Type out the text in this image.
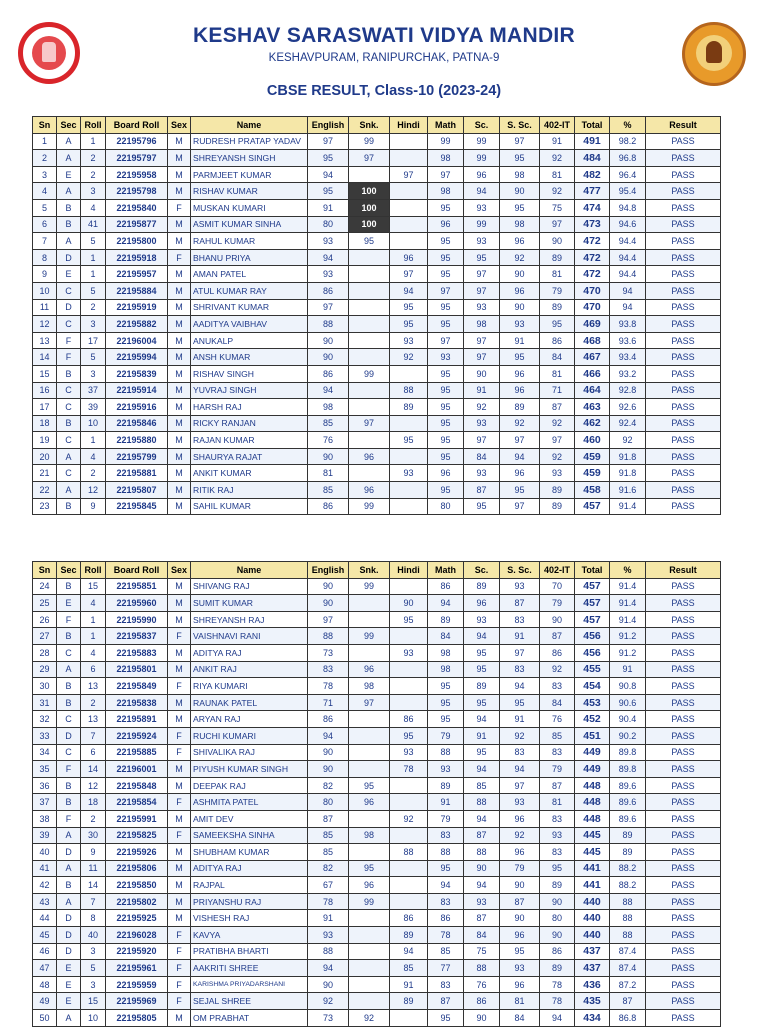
KESHAV SARASWATI VIDYA MANDIR
KESHAVPURAM, RANIPURCHAK, PATNA-9
CBSE RESULT, Class-10 (2023-24)
Sn	Sec	Roll	Board Roll	Sex	Name	English	Snk.	Hindi	Math	Sc.	S. Sc.	402-IT	Total	%	Result
1	A	1	22195796	M	RUDRESH PRATAP YADAV	97	99		99	99	97	91	491	98.2	PASS
2	A	2	22195797	M	SHREYANSH SINGH	95	97		98	99	95	92	484	96.8	PASS
3	E	2	22195958	M	PARMJEET KUMAR	94		97	97	96	98	81	482	96.4	PASS
4	A	3	22195798	M	RISHAV KUMAR	95	100		98	94	90	92	477	95.4	PASS
5	B	4	22195840	F	MUSKAN KUMARI	91	100		95	93	95	75	474	94.8	PASS
6	B	41	22195877	M	ASMIT KUMAR SINHA	80	100		96	99	98	97	473	94.6	PASS
7	A	5	22195800	M	RAHUL KUMAR	93	95		95	93	96	90	472	94.4	PASS
8	D	1	22195918	F	BHANU PRIYA	94		96	95	95	92	89	472	94.4	PASS
9	E	1	22195957	M	AMAN PATEL	93		97	95	97	90	81	472	94.4	PASS
10	C	5	22195884	M	ATUL KUMAR RAY	86		94	97	97	96	79	470	94	PASS
11	D	2	22195919	M	SHRIVANT KUMAR	97		95	95	93	90	89	470	94	PASS
12	C	3	22195882	M	AADITYA VAIBHAV	88		95	95	98	93	95	469	93.8	PASS
13	F	17	22196004	M	ANUKALP	90		93	97	97	91	86	468	93.6	PASS
14	F	5	22195994	M	ANSH KUMAR	90		92	93	97	95	84	467	93.4	PASS
15	B	3	22195839	M	RISHAV SINGH	86	99		95	90	96	81	466	93.2	PASS
16	C	37	22195914	M	YUVRAJ SINGH	94		88	95	91	96	71	464	92.8	PASS
17	C	39	22195916	M	HARSH RAJ	98		89	95	92	89	87	463	92.6	PASS
18	B	10	22195846	M	RICKY RANJAN	85	97		95	93	92	92	462	92.4	PASS
19	C	1	22195880	M	RAJAN KUMAR	76		95	95	97	97	97	460	92	PASS
20	A	4	22195799	M	SHAURYA RAJAT	90	96		95	84	94	92	459	91.8	PASS
21	C	2	22195881	M	ANKIT KUMAR	81		93	96	93	96	93	459	91.8	PASS
22	A	12	22195807	M	RITIK RAJ	85	96		95	87	95	89	458	91.6	PASS
23	B	9	22195845	M	SAHIL KUMAR	86	99		80	95	97	89	457	91.4	PASS
Sn	Sec	Roll	Board Roll	Sex	Name	English	Snk.	Hindi	Math	Sc.	S. Sc.	402-IT	Total	%	Result
24	B	15	22195851	M	SHIVANG RAJ	90	99		86	89	93	70	457	91.4	PASS
25	E	4	22195960	M	SUMIT KUMAR	90		90	94	96	87	79	457	91.4	PASS
26	F	1	22195990	M	SHREYANSH RAJ	97		95	89	93	83	90	457	91.4	PASS
27	B	1	22195837	F	VAISHNAVI RANI	88	99		84	94	91	87	456	91.2	PASS
28	C	4	22195883	M	ADITYA RAJ	73		93	98	95	97	86	456	91.2	PASS
29	A	6	22195801	M	ANKIT RAJ	83	96		98	95	83	92	455	91	PASS
30	B	13	22195849	F	RIYA KUMARI	78	98		95	89	94	83	454	90.8	PASS
31	B	2	22195838	M	RAUNAK PATEL	71	97		95	95	95	84	453	90.6	PASS
32	C	13	22195891	M	ARYAN RAJ	86		86	95	94	91	76	452	90.4	PASS
33	D	7	22195924	F	RUCHI KUMARI	94		95	79	91	92	85	451	90.2	PASS
34	C	6	22195885	F	SHIVALIKA RAJ	90		93	88	95	83	83	449	89.8	PASS
35	F	14	22196001	M	PIYUSH KUMAR SINGH	90		78	93	94	94	79	449	89.8	PASS
36	B	12	22195848	M	DEEPAK RAJ	82	95		89	85	97	87	448	89.6	PASS
37	B	18	22195854	F	ASHMITA PATEL	80	96		91	88	93	81	448	89.6	PASS
38	F	2	22195991	M	AMIT DEV	87		92	79	94	96	83	448	89.6	PASS
39	A	30	22195825	F	SAMEEKSHA SINHA	85	98		83	87	92	93	445	89	PASS
40	D	9	22195926	M	SHUBHAM KUMAR	85		88	88	88	96	83	445	89	PASS
41	A	11	22195806	M	ADITYA RAJ	82	95		95	90	79	95	441	88.2	PASS
42	B	14	22195850	M	RAJPAL	67	96		94	94	90	89	441	88.2	PASS
43	A	7	22195802	M	PRIYANSHU RAJ	78	99		83	93	87	90	440	88	PASS
44	D	8	22195925	M	VISHESH RAJ	91		86	86	87	90	80	440	88	PASS
45	D	40	22196028	F	KAVYA	93		89	78	84	96	90	440	88	PASS
46	D	3	22195920	F	PRATIBHA BHARTI	88		94	85	75	95	86	437	87.4	PASS
47	E	5	22195961	F	AAKRITI SHREE	94		85	77	88	93	89	437	87.4	PASS
48	E	3	22195959	F	KARISHMA PRIYADARSHANI	90		91	83	76	96	78	436	87.2	PASS
49	E	15	22195969	F	SEJAL SHREE	92		89	87	86	81	78	435	87	PASS
50	A	10	22195805	M	OM PRABHAT	73	92		95	90	84	94	434	86.8	PASS
